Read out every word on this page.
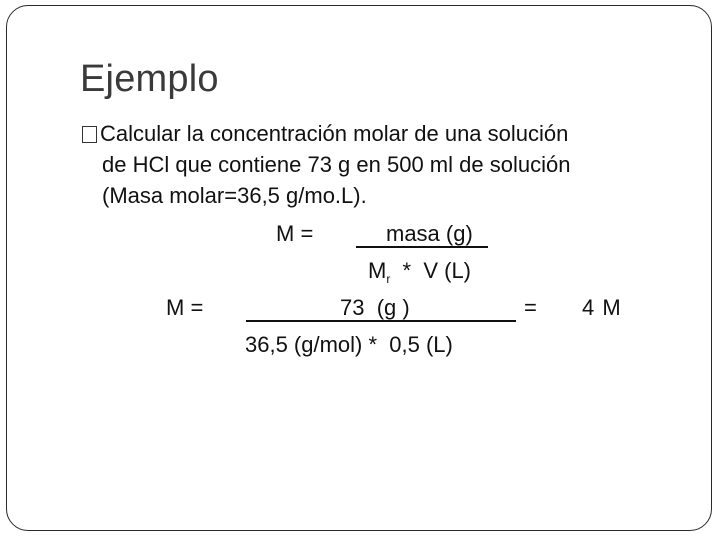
Ejemplo
Calcular la concentración molar de una solución
de HCl que contiene 73 g en 500 ml de solución
(Masa molar=36,5 g/mo.L).
M =	masa (g)
$M_r$  *  V (L)
M =	73  (g )	= 4 M
36,5 (g/mol) *  0,5 (L)
